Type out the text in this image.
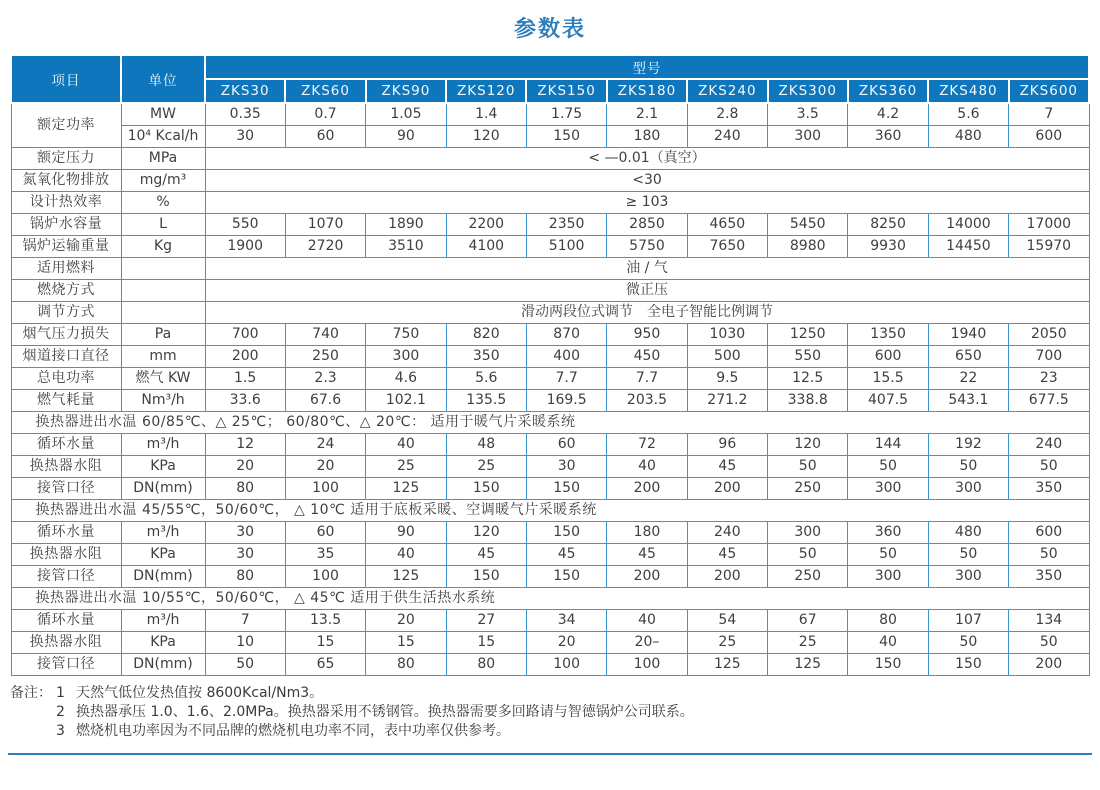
参数表
项目	单位	型号										
		ZKS30	ZKS60	ZKS90	ZKS120	ZKS150	ZKS180	ZKS240	ZKS300	ZKS360	ZKS480	ZKS600
额定功率	MW	0.35	0.7	1.05	1.4	1.75	2.1	2.8	3.5	4.2	5.6	7
	10⁴ Kcal/h	30	60	90	120	150	180	240	300	360	480	600
额定压力	MPa	< —0.01（真空）										
氮氧化物排放	mg/m³	<30										
设计热效率	%	≥ 103										
锅炉水容量	L	550	1070	1890	2200	2350	2850	4650	5450	8250	14000	17000
锅炉运输重量	Kg	1900	2720	3510	4100	5100	5750	7650	8980	9930	14450	15970
适用燃料		油 / 气										
燃烧方式		微正压										
调节方式		滑动两段位式调节　全电子智能比例调节										
烟气压力损失	Pa	700	740	750	820	870	950	1030	1250	1350	1940	2050
烟道接口直径	mm	200	250	300	350	400	450	500	550	600	650	700
总电功率	燃气 KW	1.5	2.3	4.6	5.6	7.7	7.7	9.5	12.5	15.5	22	23
燃气耗量	Nm³/h	33.6	67.6	102.1	135.5	169.5	203.5	271.2	338.8	407.5	543.1	677.5
换热器进出水温 60/85℃、△ 25℃； 60/80℃、△ 20℃： 适用于暖气片采暖系统												
循环水量	m³/h	12	24	40	48	60	72	96	120	144	192	240
换热器水阻	KPa	20	20	25	25	30	40	45	50	50	50	50
接管口径	DN(mm)	80	100	125	150	150	200	200	250	300	300	350
换热器进出水温 45/55℃，50/60℃， △ 10℃ 适用于底板采暖、空调暖气片采暖系统												
循环水量	m³/h	30	60	90	120	150	180	240	300	360	480	600
换热器水阻	KPa	30	35	40	45	45	45	45	50	50	50	50
接管口径	DN(mm)	80	100	125	150	150	200	200	250	300	300	350
换热器进出水温 10/55℃，50/60℃， △ 45℃ 适用于供生活热水系统												
循环水量	m³/h	7	13.5	20	27	34	40	54	67	80	107	134
换热器水阻	KPa	10	15	15	15	20	20–	25	25	40	50	50
接管口径	DN(mm)	50	65	80	80	100	100	125	125	150	150	200
备注： 1 天然气低位发热值按 8600Kcal/Nm3。
2 换热器承压 1.0、1.6、2.0MPa。换热器采用不锈钢管。换热器需要多回路请与智德锅炉公司联系。
3 燃烧机电功率因为不同品牌的燃烧机电功率不同，表中功率仅供参考。
